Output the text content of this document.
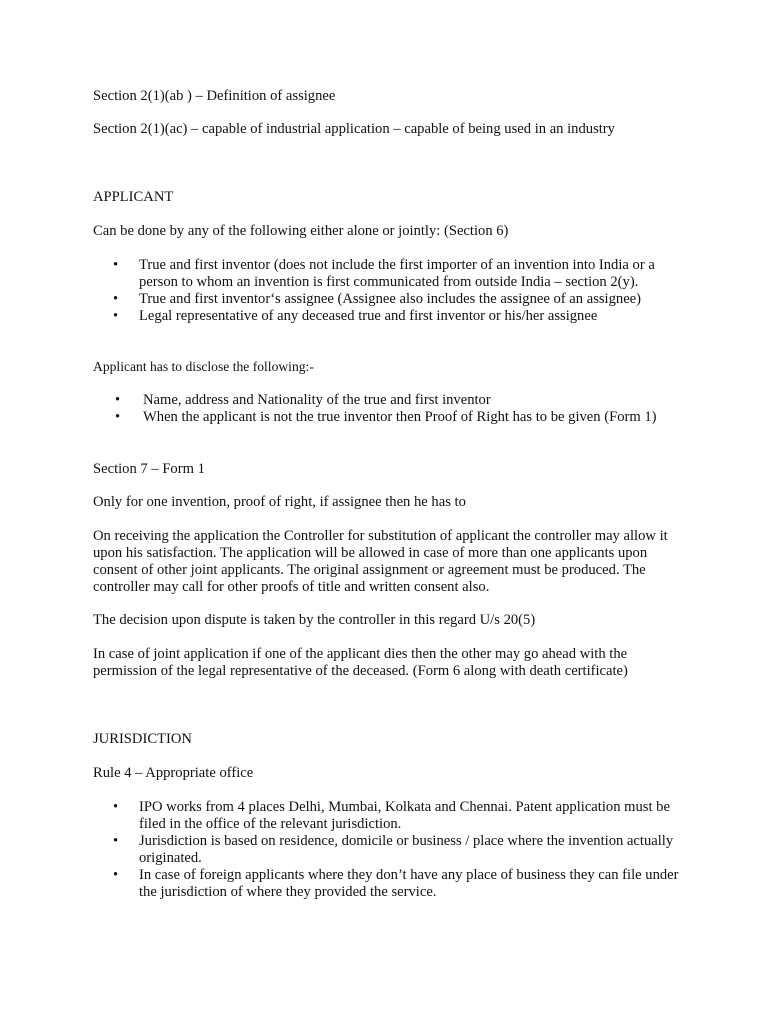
Section 2(1)(ab ) – Definition of assignee

Section 2(1)(ac) – capable of industrial application – capable of being used in an industry

APPLICANT

Can be done by any of the following either alone or jointly: (Section 6)

• True and first inventor (does not include the first importer of an invention into India or a person to whom an invention is first communicated from outside India – section 2(y).
• True and first inventor‘s assignee (Assignee also includes the assignee of an assignee)
• Legal representative of any deceased true and first inventor or his/her assignee

Applicant has to disclose the following:-

• Name, address and Nationality of the true and first inventor
• When the applicant is not the true inventor then Proof of Right has to be given (Form 1)

Section 7 – Form 1

Only for one invention, proof of right, if assignee then he has to

On receiving the application the Controller for substitution of applicant the controller may allow it upon his satisfaction. The application will be allowed in case of more than one applicants upon consent of other joint applicants. The original assignment or agreement must be produced. The controller may call for other proofs of title and written consent also.

The decision upon dispute is taken by the controller in this regard U/s 20(5)

In case of joint application if one of the applicant dies then the other may go ahead with the permission of the legal representative of the deceased. (Form 6 along with death certificate)

JURISDICTION

Rule 4 – Appropriate office

• IPO works from 4 places Delhi, Mumbai, Kolkata and Chennai. Patent application must be filed in the office of the relevant jurisdiction.
• Jurisdiction is based on residence, domicile or business / place where the invention actually originated.
• In case of foreign applicants where they don’t have any place of business they can file under the jurisdiction of where they provided the service.
